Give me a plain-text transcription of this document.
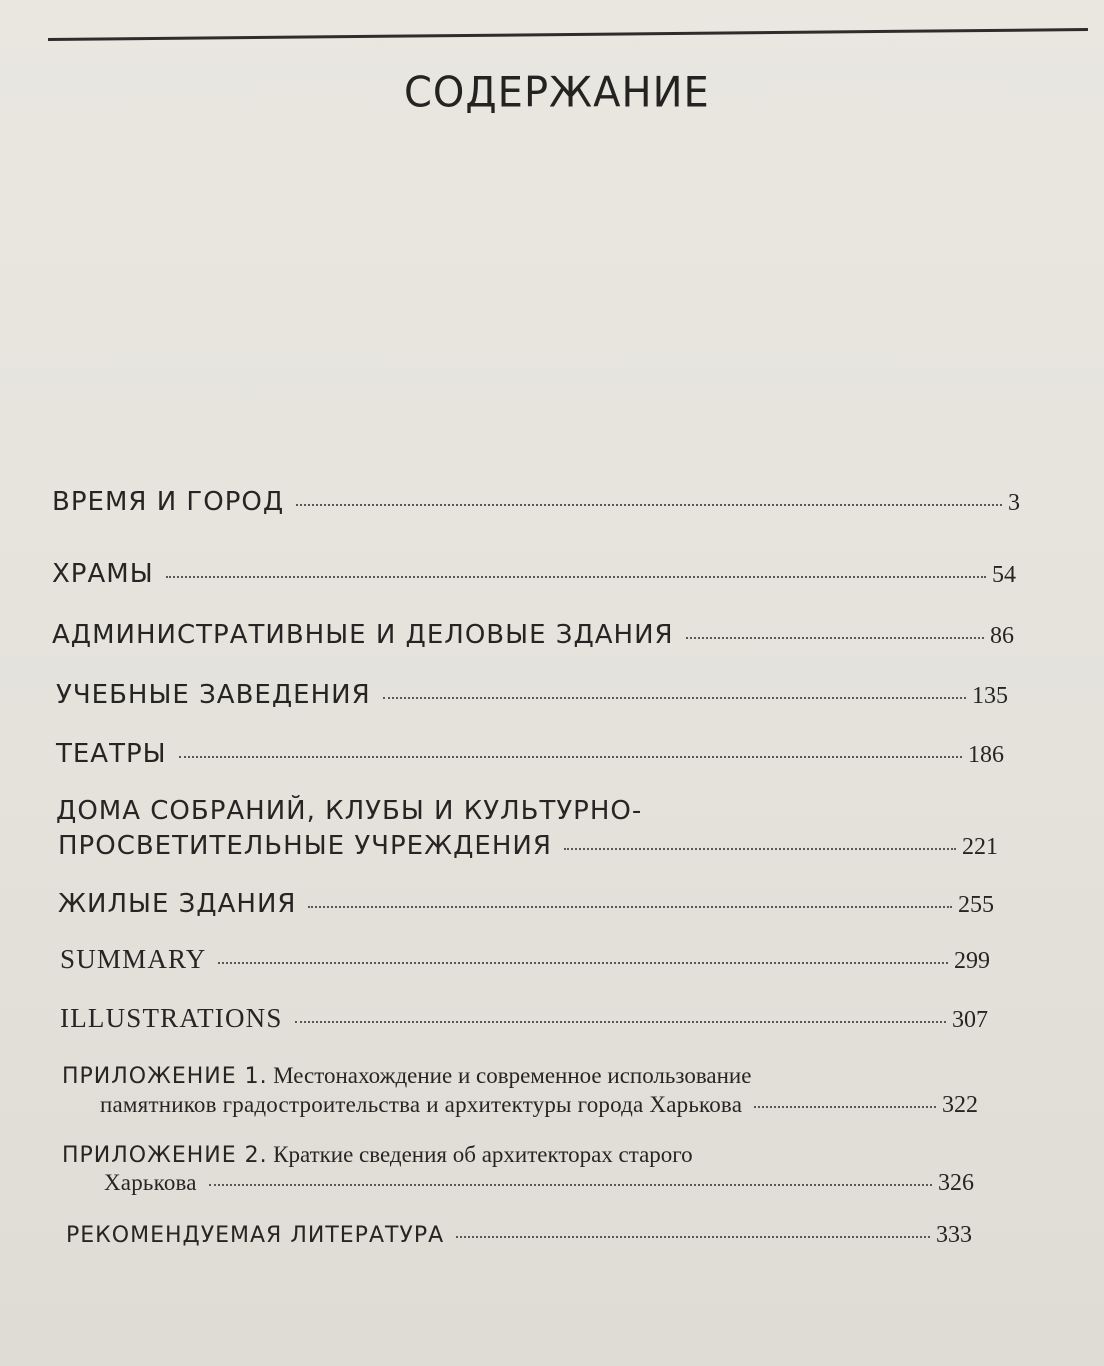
СОДЕРЖАНИЕ
ВРЕМЯ И ГОРОД	3
ХРАМЫ	54
АДМИНИСТРАТИВНЫЕ И ДЕЛОВЫЕ ЗДАНИЯ	86
УЧЕБНЫЕ ЗАВЕДЕНИЯ	135
ТЕАТРЫ	186
ДОМА СОБРАНИЙ, КЛУБЫ И КУЛЬТУРНО-
ПРОСВЕТИТЕЛЬНЫЕ УЧРЕЖДЕНИЯ	221
ЖИЛЫЕ ЗДАНИЯ	255
SUMMARY	299
ILLUSTRATIONS	307
ПРИЛОЖЕНИЕ 1. Местонахождение и современное использование
памятников градостроительства и архитектуры города Харькова	322
ПРИЛОЖЕНИЕ 2. Краткие сведения об архитекторах старого
Харькова	326
РЕКОМЕНДУЕМАЯ ЛИТЕРАТУРА	333
